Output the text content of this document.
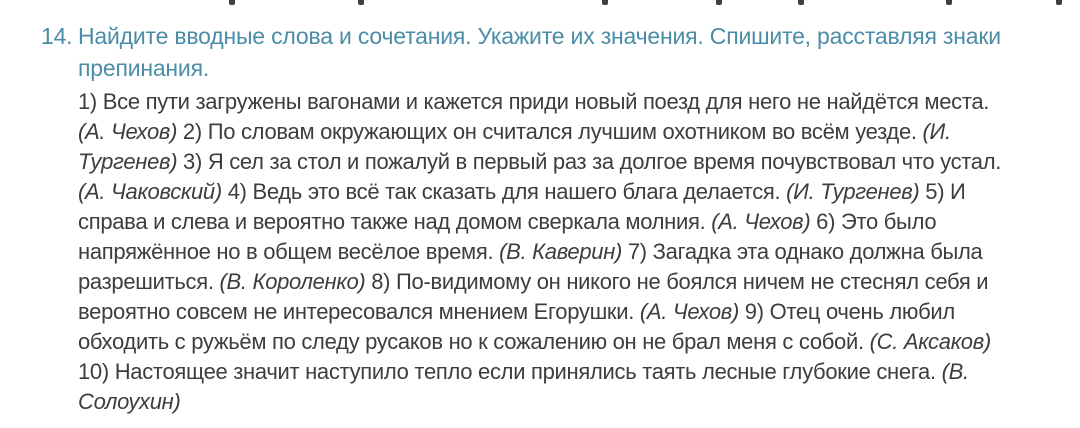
14. Найдите вводные слова и сочетания. Укажите их значения. Спишите, расставляя знаки препинания.

1) Все пути загружены вагонами и кажется приди новый поезд для него не найдётся места. (А. Чехов) 2) По словам окружающих он считался лучшим охотником во всём уезде. (И. Тургенев) 3) Я сел за стол и пожалуй в первый раз за долгое время почувствовал что устал. (А. Чаковский) 4) Ведь это всё так сказать для нашего блага делается. (И. Тургенев) 5) И справа и слева и вероятно также над домом сверкала молния. (А. Чехов) 6) Это было напряжённое но в общем весёлое время. (В. Каверин) 7) Загадка эта однако должна была разрешиться. (В. Короленко) 8) По-видимому он никого не боялся ничем не стеснял себя и вероятно совсем не интересовался мнением Егорушки. (А. Чехов) 9) Отец очень любил обходить с ружьём по следу русаков но к сожалению он не брал меня с собой. (С. Аксаков) 10) Настоящее значит наступило тепло если принялись таять лесные глубокие снега. (В. Солоухин)
